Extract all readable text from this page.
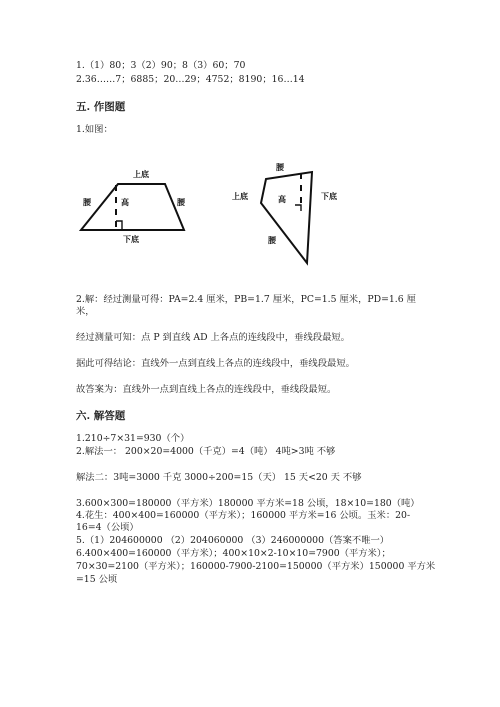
1.（1）80；3（2）90；8（3）60；70
2.36……7；6885；20…29；4752；8190；16…14
五. 作图题
1.如图：
上底
腰	腰
高
下底
腰
上底	高	下底
腰
2.解：经过测量可得：PA=2.4 厘米，PB=1.7 厘米，PC=1.5 厘米，PD=1.6 厘
米，
经过测量可知：点 P 到直线 AD 上各点的连线段中，垂线段最短。
据此可得结论：直线外一点到直线上各点的连线段中，垂线段最短。
故答案为：直线外一点到直线上各点的连线段中，垂线段最短。
六. 解答题
1.210÷7×31=930（个）
2.解法一： 200×20=4000（千克）=4（吨） 4吨>3吨 不够
解法二：3吨=3000 千克 3000÷200=15（天） 15 天<20 天 不够
3.600×300=180000（平方米）180000 平方米=18 公顷，18×10=180（吨）
4.花生：400×400=160000（平方米）；160000 平方米=16 公顷。玉米：20-
16=4（公顷）
5.（1）204600000 （2）204060000 （3）246000000（答案不唯一）
6.400×400=160000（平方米）；400×10×2-10×10=7900（平方米）；
70×30=2100（平方米）；160000-7900-2100=150000（平方米）150000 平方米
=15 公顷
